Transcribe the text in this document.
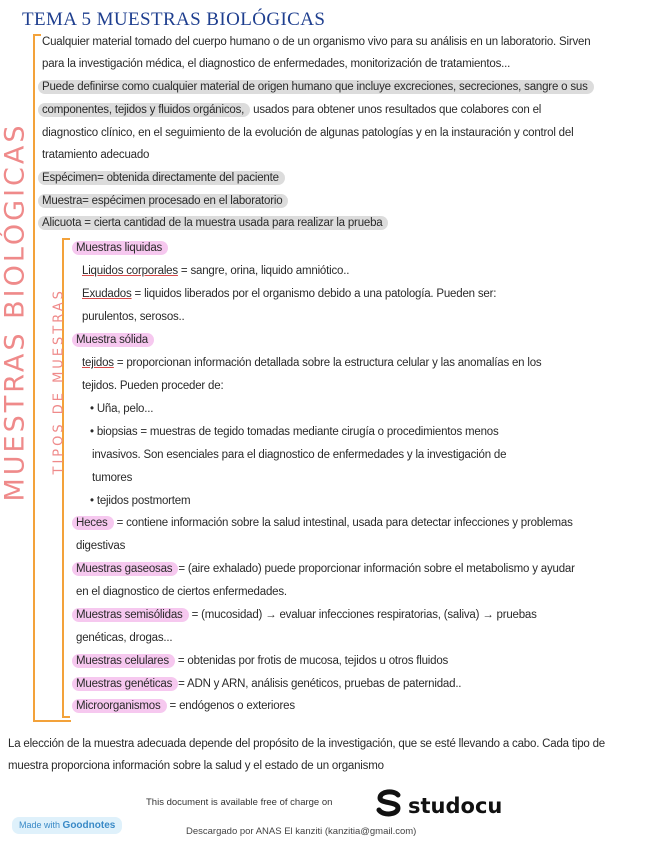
TEMA 5 MUESTRAS BIOLÓGICAS
MUESTRAS BIOLÓGICAS TIPOS DE MUESTRAS
Cualquier material tomado del cuerpo humano o de un organismo vivo para su análisis en un laboratorio. Sirven
para la investigación médica, el diagnostico de enfermedades, monitorización de tratamientos...
Puede definirse como cualquier material de origen humano que incluye excreciones, secreciones, sangre o sus
componentes, tejidos y fluidos orgánicos, usados para obtener unos resultados que colabores con el
diagnostico clínico, en el seguimiento de la evolución de algunas patologías y en la instauración y control del
tratamiento adecuado
Espécimen= obtenida directamente del paciente
Muestra= espécimen procesado en el laboratorio
Alicuota = cierta cantidad de la muestra usada para realizar la prueba
Muestras liquidas
Liquidos corporales = sangre, orina, liquido amniótico..
Exudados = liquidos liberados por el organismo debido a una patología. Pueden ser:
purulentos, serosos..
Muestra sólida
tejidos = proporcionan información detallada sobre la estructura celular y las anomalías en los
tejidos. Pueden proceder de:
• Uña, pelo...
• biopsias = muestras de tegido tomadas mediante cirugía o procedimientos menos
invasivos. Son esenciales para el diagnostico de enfermedades y la investigación de
tumores
• tejidos postmortem
Heces = contiene información sobre la salud intestinal, usada para detectar infecciones y problemas
digestivas
Muestras gaseosas = (aire exhalado) puede proporcionar información sobre el metabolismo y ayudar
en el diagnostico de ciertos enfermedades.
Muestras semisólidas = (mucosidad) → evaluar infecciones respiratorias, (saliva) → pruebas
genéticas, drogas...
Muestras celulares = obtenidas por frotis de mucosa, tejidos u otros fluidos
Muestras genéticas = ADN y ARN, análisis genéticos, pruebas de paternidad..
Microorganismos = endógenos o exteriores
La elección de la muestra adecuada depende del propósito de la investigación, que se esté llevando a cabo. Cada tipo de
muestra proporciona información sobre la salud y el estado de un organismo
This document is available free of charge on	studocu
Descargado por ANAS El kanziti (kanzitia@gmail.com)
Made with Goodnotes
